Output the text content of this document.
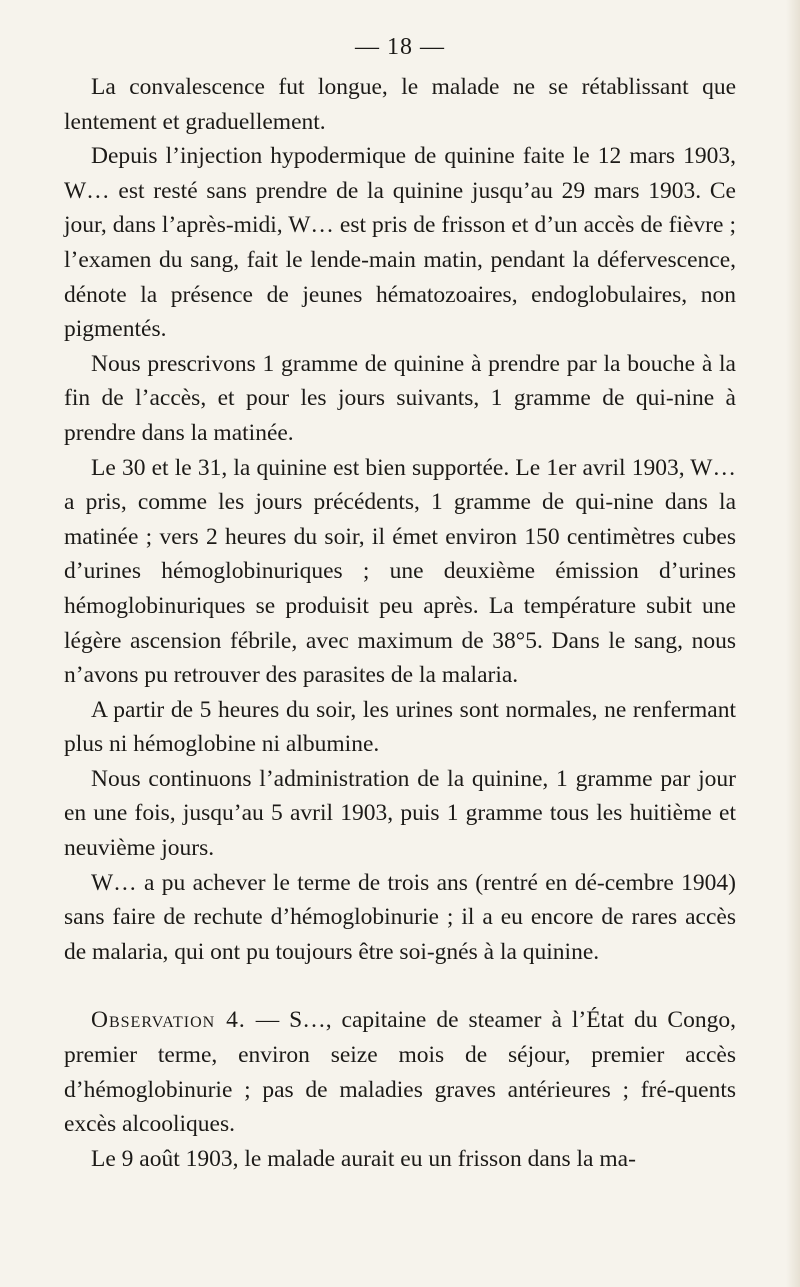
— 18 —

La convalescence fut longue, le malade ne se rétablissant que lentement et graduellement.

Depuis l’injection hypodermique de quinine faite le 12 mars 1903, W… est resté sans prendre de la quinine jusqu’au 29 mars 1903. Ce jour, dans l’après-midi, W… est pris de frisson et d’un accès de fièvre ; l’examen du sang, fait le lende-main matin, pendant la défervescence, dénote la présence de jeunes hématozoaires, endoglobulaires, non pigmentés.

Nous prescrivons 1 gramme de quinine à prendre par la bouche à la fin de l’accès, et pour les jours suivants, 1 gramme de qui-nine à prendre dans la matinée.

Le 30 et le 31, la quinine est bien supportée. Le 1er avril 1903, W… a pris, comme les jours précédents, 1 gramme de qui-nine dans la matinée ; vers 2 heures du soir, il émet environ 150 centimètres cubes d’urines hémoglobinuriques ; une deuxième émission d’urines hémoglobinuriques se produisit peu après. La température subit une légère ascension fébrile, avec maximum de 38°5. Dans le sang, nous n’avons pu retrouver des parasites de la malaria.

A partir de 5 heures du soir, les urines sont normales, ne renfermant plus ni hémoglobine ni albumine.

Nous continuons l’administration de la quinine, 1 gramme par jour en une fois, jusqu’au 5 avril 1903, puis 1 gramme tous les huitième et neuvième jours.

W… a pu achever le terme de trois ans (rentré en dé-cembre 1904) sans faire de rechute d’hémoglobinurie ; il a eu encore de rares accès de malaria, qui ont pu toujours être soi-gnés à la quinine.

Observation 4. — S…, capitaine de steamer à l’État du Congo, premier terme, environ seize mois de séjour, premier accès d’hémoglobinurie ; pas de maladies graves antérieures ; fré-quents excès alcooliques.

Le 9 août 1903, le malade aurait eu un frisson dans la ma-
